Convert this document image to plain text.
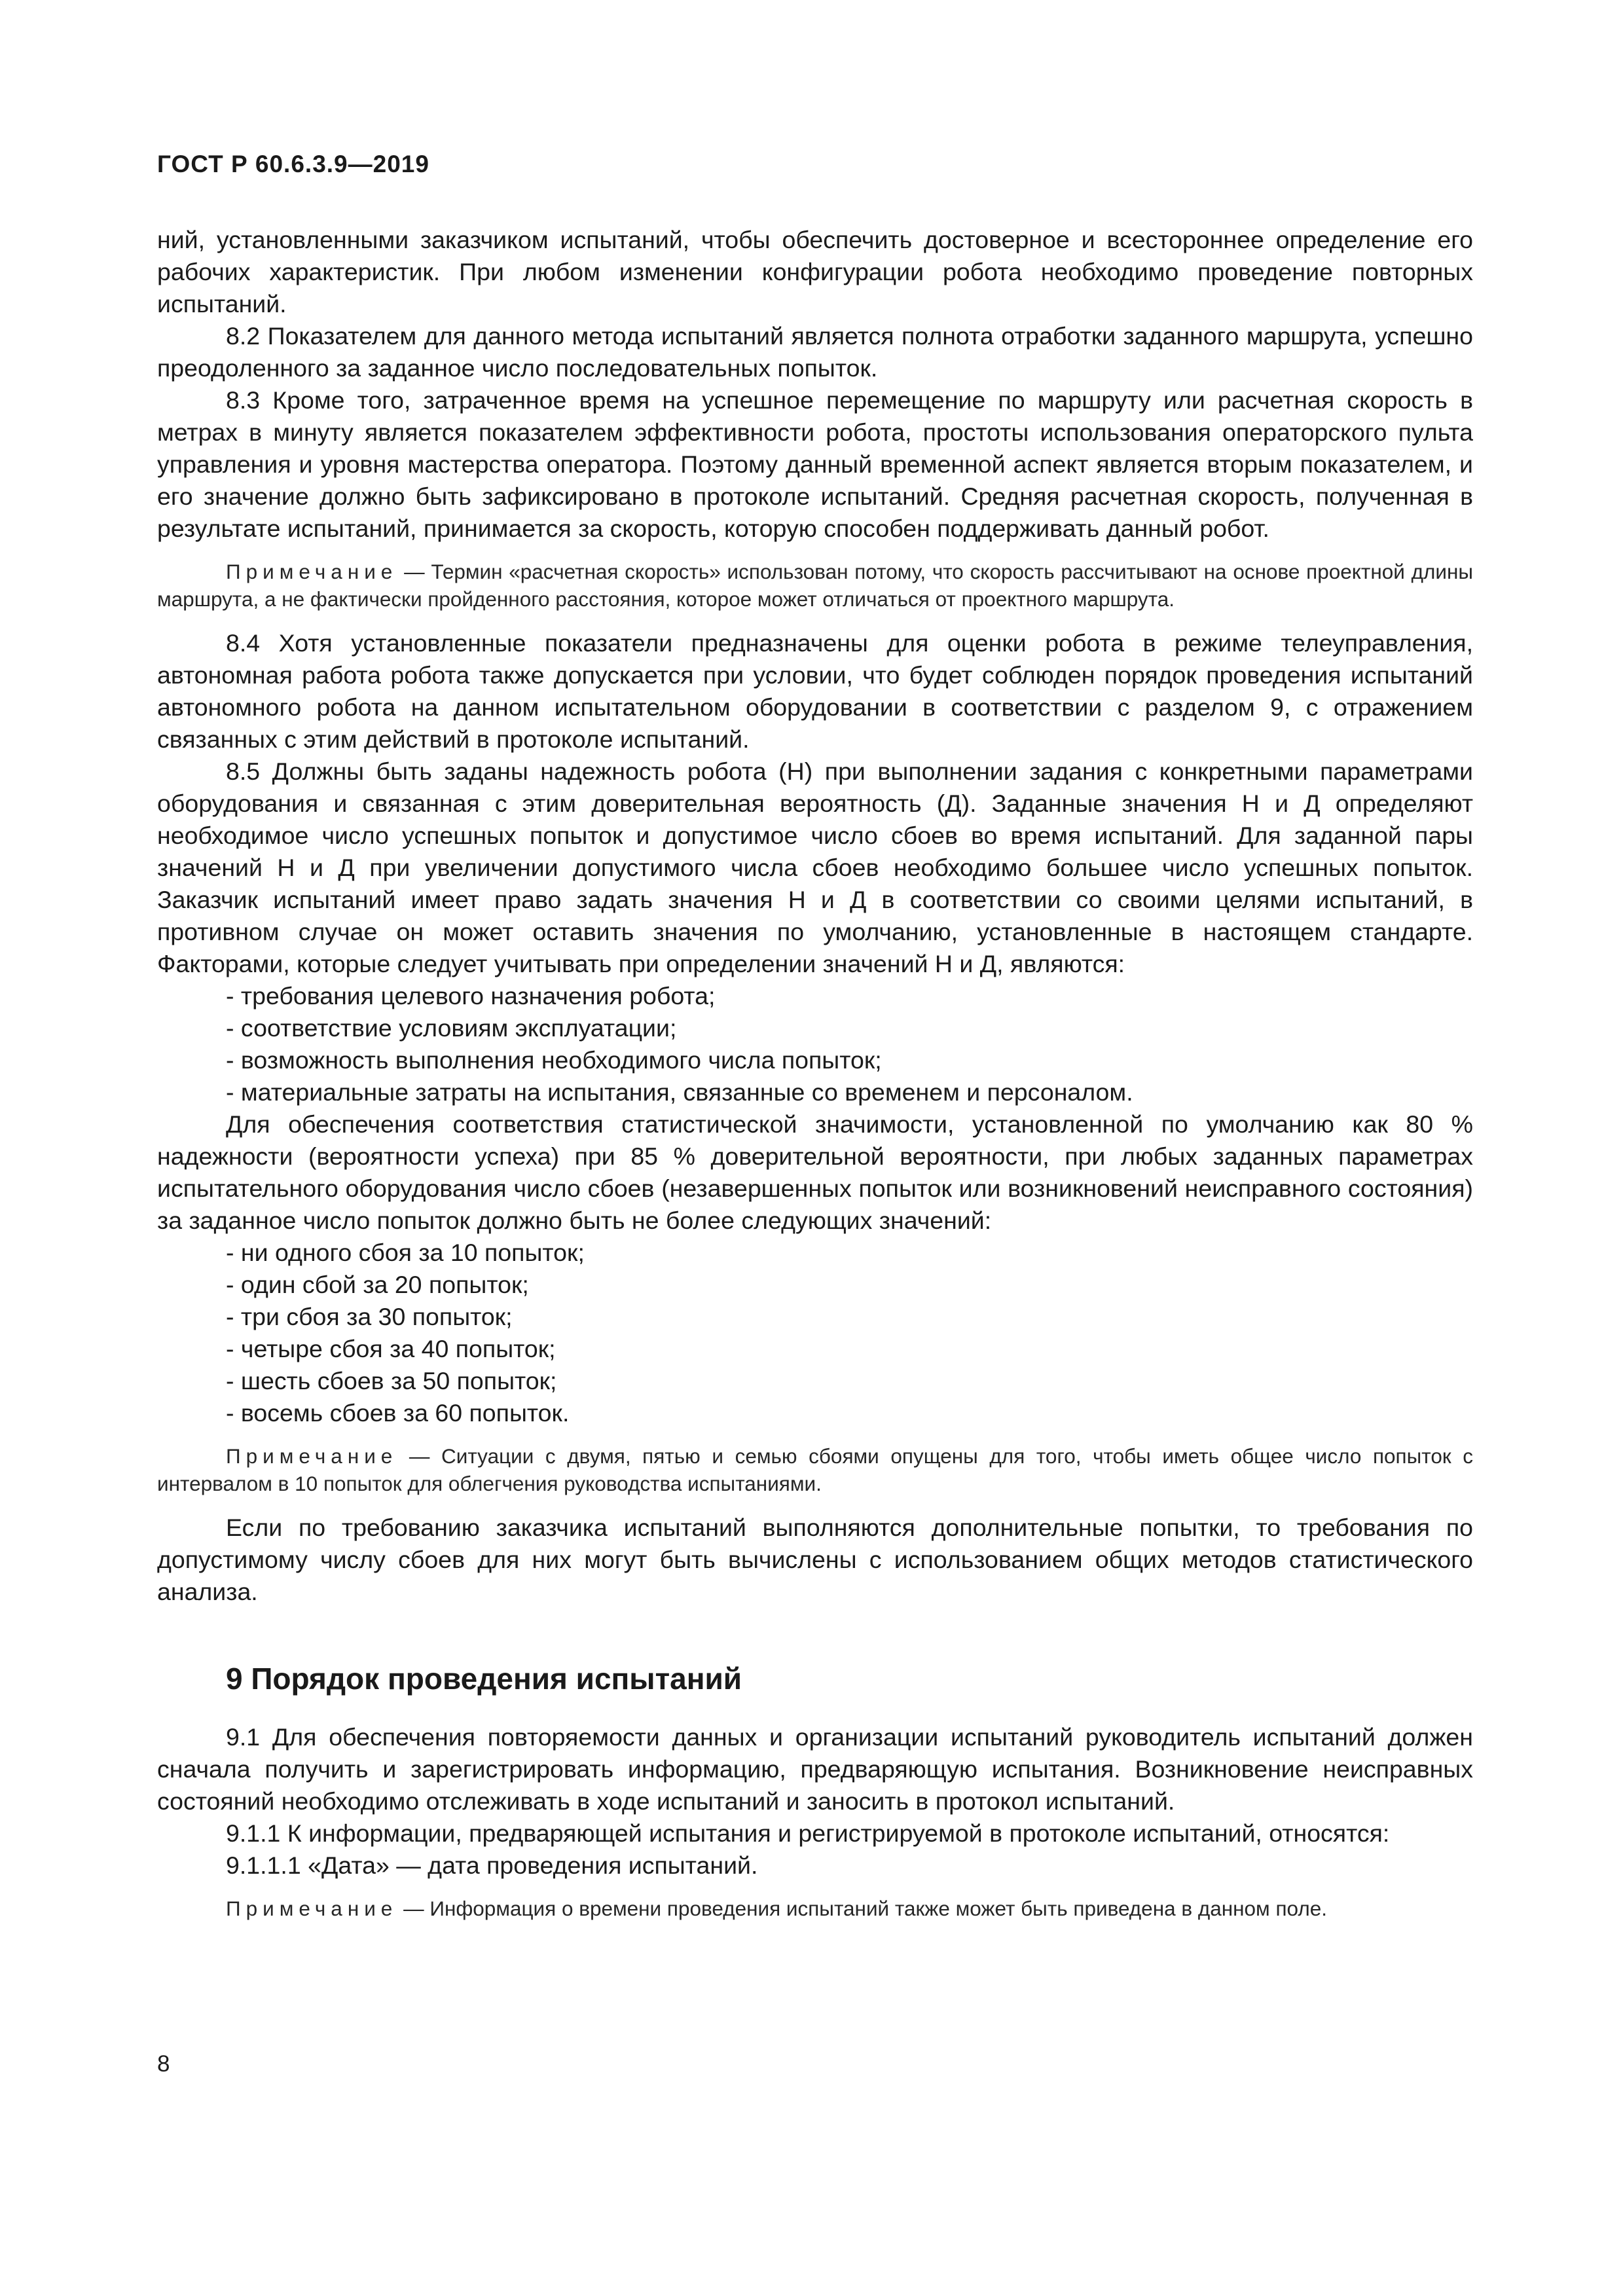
ГОСТ Р 60.6.3.9—2019

ний, установленными заказчиком испытаний, чтобы обеспечить достоверное и всестороннее определение его рабочих характеристик. При любом изменении конфигурации робота необходимо проведение повторных испытаний.

8.2 Показателем для данного метода испытаний является полнота отработки заданного маршрута, успешно преодоленного за заданное число последовательных попыток.

8.3 Кроме того, затраченное время на успешное перемещение по маршруту или расчетная скорость в метрах в минуту является показателем эффективности робота, простоты использования операторского пульта управления и уровня мастерства оператора. Поэтому данный временной аспект является вторым показателем, и его значение должно быть зафиксировано в протоколе испытаний. Средняя расчетная скорость, полученная в результате испытаний, принимается за скорость, которую способен поддерживать данный робот.

Примечание — Термин «расчетная скорость» использован потому, что скорость рассчитывают на основе проектной длины маршрута, а не фактически пройденного расстояния, которое может отличаться от проектного маршрута.

8.4 Хотя установленные показатели предназначены для оценки робота в режиме телеуправления, автономная работа робота также допускается при условии, что будет соблюден порядок проведения испытаний автономного робота на данном испытательном оборудовании в соответствии с разделом 9, с отражением связанных с этим действий в протоколе испытаний.

8.5 Должны быть заданы надежность робота (Н) при выполнении задания с конкретными параметрами оборудования и связанная с этим доверительная вероятность (Д). Заданные значения Н и Д определяют необходимое число успешных попыток и допустимое число сбоев во время испытаний. Для заданной пары значений Н и Д при увеличении допустимого числа сбоев необходимо большее число успешных попыток. Заказчик испытаний имеет право задать значения Н и Д в соответствии со своими целями испытаний, в противном случае он может оставить значения по умолчанию, установленные в настоящем стандарте. Факторами, которые следует учитывать при определении значений Н и Д, являются:

- требования целевого назначения робота;
- соответствие условиям эксплуатации;
- возможность выполнения необходимого числа попыток;
- материальные затраты на испытания, связанные со временем и персоналом.

Для обеспечения соответствия статистической значимости, установленной по умолчанию как 80 % надежности (вероятности успеха) при 85 % доверительной вероятности, при любых заданных параметрах испытательного оборудования число сбоев (незавершенных попыток или возникновений неисправного состояния) за заданное число попыток должно быть не более следующих значений:

- ни одного сбоя за 10 попыток;
- один сбой за 20 попыток;
- три сбоя за 30 попыток;
- четыре сбоя за 40 попыток;
- шесть сбоев за 50 попыток;
- восемь сбоев за 60 попыток.

Примечание — Ситуации с двумя, пятью и семью сбоями опущены для того, чтобы иметь общее число попыток с интервалом в 10 попыток для облегчения руководства испытаниями.

Если по требованию заказчика испытаний выполняются дополнительные попытки, то требования по допустимому числу сбоев для них могут быть вычислены с использованием общих методов статистического анализа.

9 Порядок проведения испытаний

9.1 Для обеспечения повторяемости данных и организации испытаний руководитель испытаний должен сначала получить и зарегистрировать информацию, предваряющую испытания. Возникновение неисправных состояний необходимо отслеживать в ходе испытаний и заносить в протокол испытаний.

9.1.1 К информации, предваряющей испытания и регистрируемой в протоколе испытаний, относятся:

9.1.1.1 «Дата» — дата проведения испытаний.

Примечание — Информация о времени проведения испытаний также может быть приведена в данном поле.

8
